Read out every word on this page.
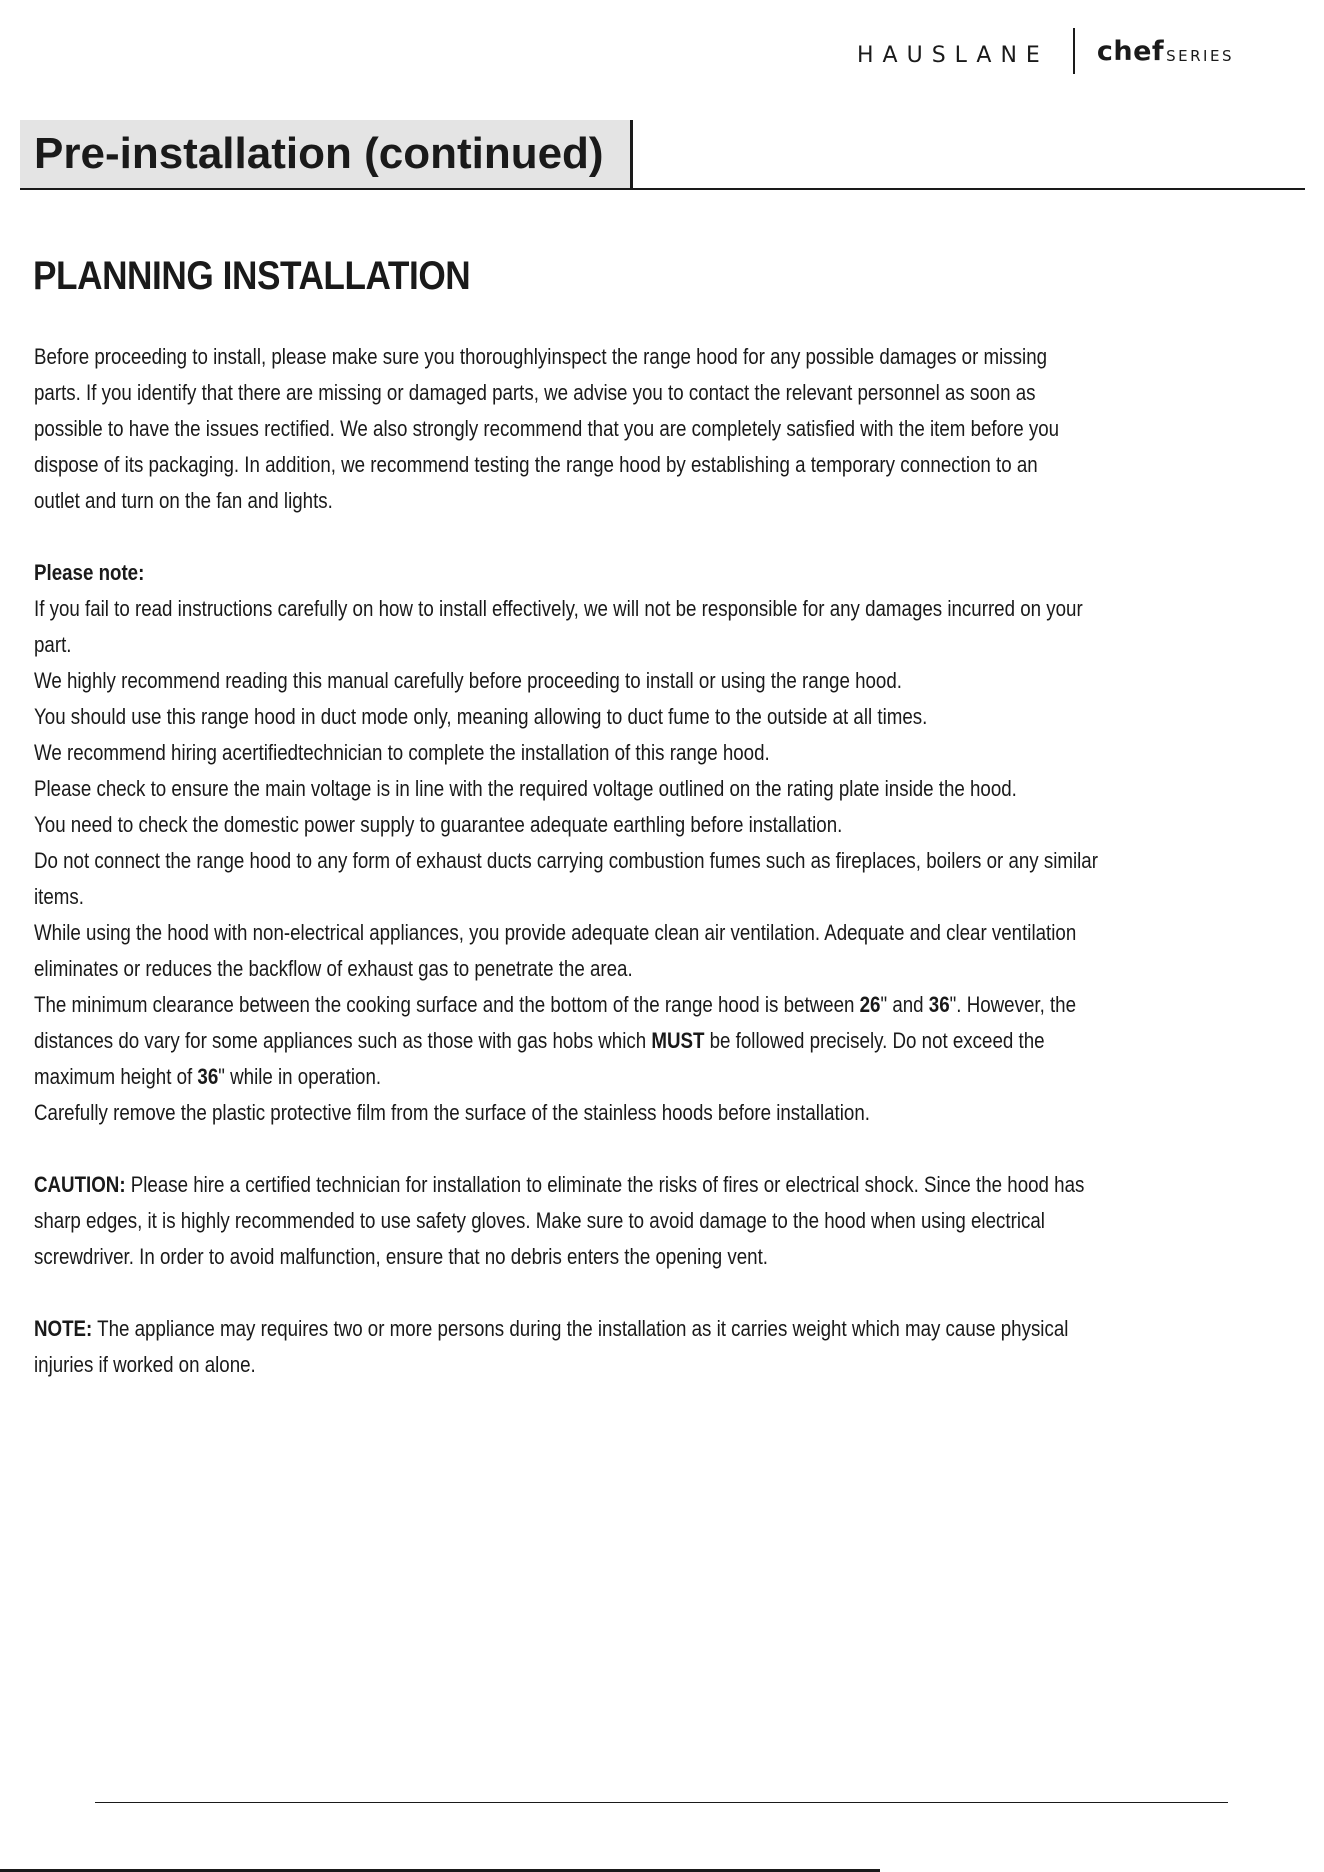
HAUSLANE chef SERIES
Pre-installation (continued)
PLANNING INSTALLATION

Before proceeding to install, please make sure you thoroughlyinspect the range hood for any possible damages or missing

parts. If you identify that there are missing or damaged parts, we advise you to contact the relevant personnel as soon as

possible to have the issues rectified. We also strongly recommend that you are completely satisfied with the item before you

dispose of its packaging. In addition, we recommend testing the range hood by establishing a temporary connection to an

outlet and turn on the fan and lights.

Please note:

If you fail to read instructions carefully on how to install effectively, we will not be responsible for any damages incurred on your

part.

We highly recommend reading this manual carefully before proceeding to install or using the range hood.

You should use this range hood in duct mode only, meaning allowing to duct fume to the outside at all times.

We recommend hiring acertifiedtechnician to complete the installation of this range hood.

Please check to ensure the main voltage is in line with the required voltage outlined on the rating plate inside the hood.

You need to check the domestic power supply to guarantee adequate earthling before installation.

Do not connect the range hood to any form of exhaust ducts carrying combustion fumes such as fireplaces, boilers or any similar

items.

While using the hood with non-electrical appliances, you provide adequate clean air ventilation. Adequate and clear ventilation

eliminates or reduces the backflow of exhaust gas to penetrate the area.

The minimum clearance between the cooking surface and the bottom of the range hood is between 26" and 36". However, the

distances do vary for some appliances such as those with gas hobs which MUST be followed precisely. Do not exceed the

maximum height of 36" while in operation.

Carefully remove the plastic protective film from the surface of the stainless hoods before installation.

CAUTION: Please hire a certified technician for installation to eliminate the risks of fires or electrical shock. Since the hood has

sharp edges, it is highly recommended to use safety gloves. Make sure to avoid damage to the hood when using electrical

screwdriver. In order to avoid malfunction, ensure that no debris enters the opening vent.

NOTE: The appliance may requires two or more persons during the installation as it carries weight which may cause physical

injuries if worked on alone.
